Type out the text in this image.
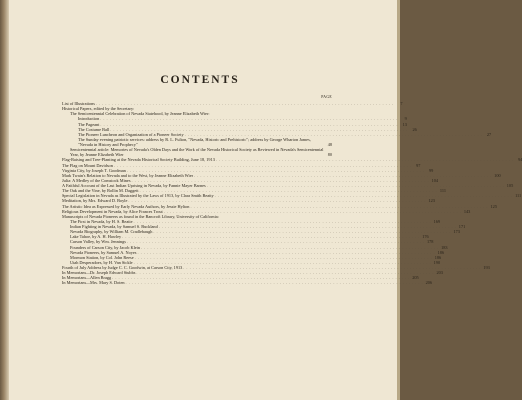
CONTENTS
PAGE
List of Illustrations . . .	7
Historical Papers, edited by the Secretary:
The Semicentennial Celebration of Nevada Statehood, by Jeanne Elizabeth Wier:
Introduction . . .	9
The Pageant . . .	13
The Costume Ball . . .	26
The Pioneer Luncheon and Organization of a Pioneer Society . . .	27
The Sunday evening patriotic services: address by R. L. Fulton, "Nevada, Historic and Prehistoric"; address by George Wharton James, "Nevada in History and Prophecy"	48
Semicentennial article: Memories of Nevada's Olden Days and the Work of the Nevada Historical Society as Reviewed in Nevada's Semicentennial Year, by Jeanne Elizabeth Wier	80
Flag-Raising and Tree-Planting at the Nevada Historical Society Building, June 18, 1913 . . .	94
The Flag on Mount Davidson . . .	97
Virginia City, by Joseph T. Goodman . . .	99
Mark Twain's Relation to Nevada and to the West, by Jeanne Elizabeth Wier . . .	100
Julia: A Medley of the Comstock Mines . . .	104
A Faithful Account of the Last Indian Uprising in Nevada, by Fannie Mayer Barnes . . .	105
The Oak and the Vine, by Rollin M. Daggett . . .	111
Special Legislation in Nevada as Illustrated by the Laws of 1913, by Clara Smith Beatty . . .	111
Meditation, by Mrs. Edward D. Boyle . . .	123
The Artistic Idea as Expressed by Early Nevada Authors, by Jessie Hylton . . .	125
Religious Development in Nevada, by Alice Frances Trout . . .	143
Manuscripts of Nevada Pioneers as found in the Bancroft Library, University of California:
The First in Nevada, by H. S. Beatie . . .	169
Indian Fighting in Nevada, by Samuel S. Buckland . . .	171
Nevada Biography, by William M. Cradlebaugh . . .	173
Lake Tahoe, by A. H. Hawley . . .	176
Carson Valley, by Wm. Jennings . . .	178
Founders of Carson City, by Jacob Klein . . .	183
Nevada Pioneers, by Samuel A. Noyes . . .	186
Mormon Station, by Col. John Reese . . .	186
Utah Desperadoes, by H. Van Sickle . . .	190
Fourth of July Address by Judge C. C. Goodwin, at Carson City, 1913 . . .	193
In Memoriam—Dr. Joseph Edward Stubbs . . .	203
In Memoriam—Allen Bragg . . .	205
In Memoriam—Mrs. Mary S. Doten . . .	206
